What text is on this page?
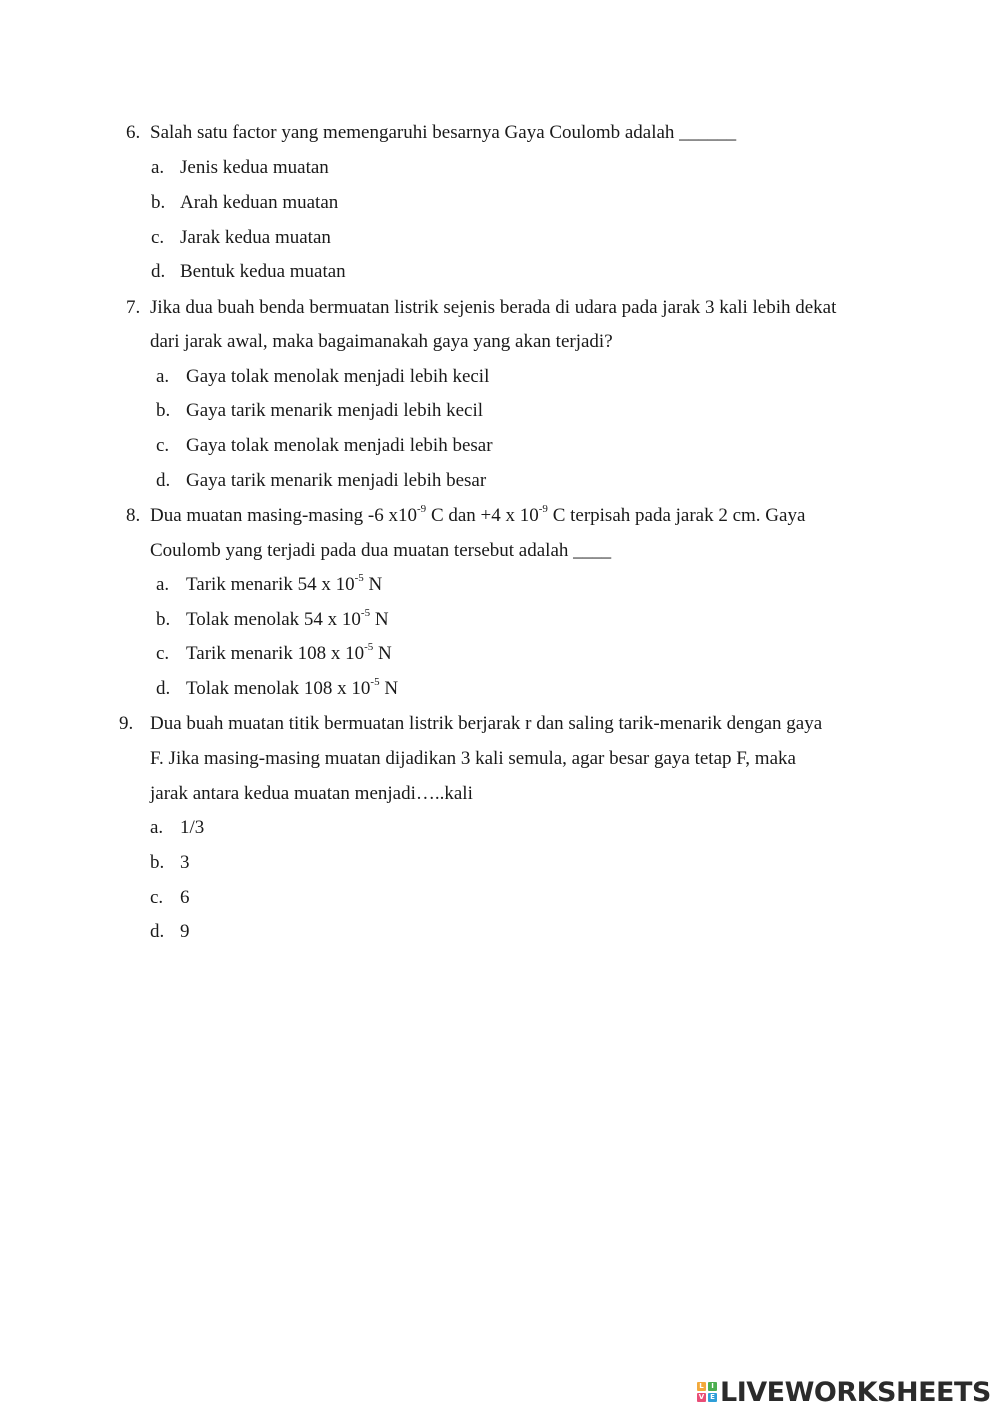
6. Salah satu factor yang memengaruhi besarnya Gaya Coulomb adalah ______
a. Jenis kedua muatan
b. Arah keduan muatan
c. Jarak kedua muatan
d. Bentuk kedua muatan
7. Jika dua buah benda bermuatan listrik sejenis berada di udara pada jarak 3 kali lebih dekat
dari jarak awal, maka bagaimanakah gaya yang akan terjadi?
a. Gaya tolak menolak menjadi lebih kecil
b. Gaya tarik menarik menjadi lebih kecil
c. Gaya tolak menolak menjadi lebih besar
d. Gaya tarik menarik menjadi lebih besar
8. Dua muatan masing-masing -6 $x10^{-9}$ C dan +4 x $10^{-9}$ C terpisah pada jarak 2 cm. Gaya
Coulomb yang terjadi pada dua muatan tersebut adalah ____
a. Tarik menarik 54 x $10^{-5}$ N
b. Tolak menolak 54 x $10^{-5}$ N
c. Tarik menarik 108 x $10^{-5}$ N
d. Tolak menolak 108 x $10^{-5}$ N
9. Dua buah muatan titik bermuatan listrik berjarak r dan saling tarik-menarik dengan gaya
F. Jika masing-masing muatan dijadikan 3 kali semula, agar besar gaya tetap F, maka
jarak antara kedua muatan menjadi…..kali
a. 1/3
b. 3
c. 6
d. 9
L	I
V E LIVEWORKSHEETS
